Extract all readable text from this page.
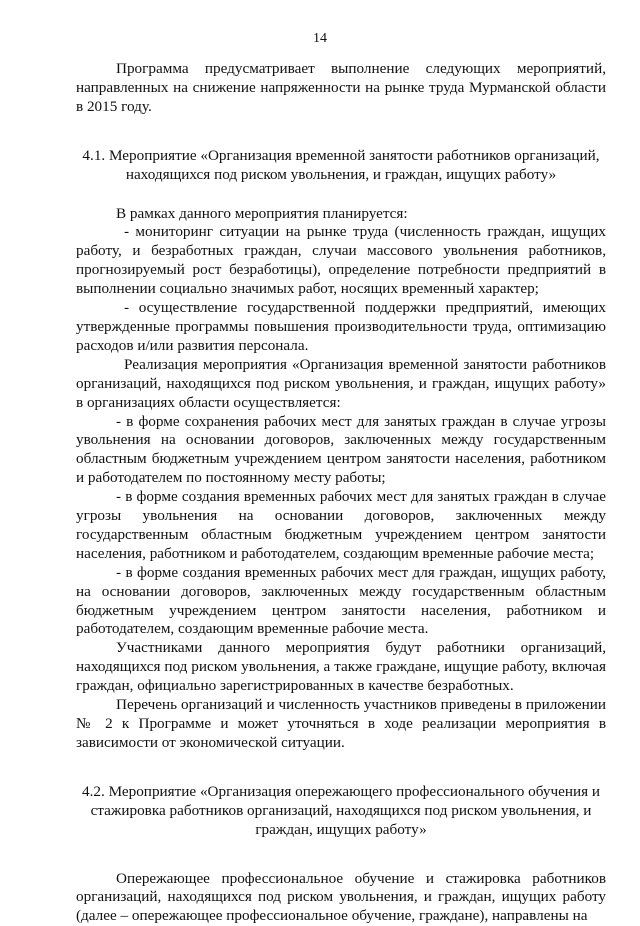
14

Программа предусматривает выполнение следующих мероприятий, направленных на снижение напряженности на рынке труда Мурманской области в 2015 году.

4.1. Мероприятие «Организация временной занятости работников организаций, находящихся под риском увольнения, и граждан, ищущих работу»

В рамках данного мероприятия планируется:

- мониторинг ситуации на рынке труда (численность граждан, ищущих работу, и безработных граждан, случаи массового увольнения работников, прогнозируемый рост безработицы), определение потребности предприятий в выполнении социально значимых работ, носящих временный характер;

- осуществление государственной поддержки предприятий, имеющих утвержденные программы повышения производительности труда, оптимизацию расходов и/или развития персонала.

Реализация мероприятия «Организация временной занятости работников организаций, находящихся под риском увольнения, и граждан, ищущих работу» в организациях области осуществляется:

- в форме сохранения рабочих мест для занятых граждан в случае угрозы увольнения на основании договоров, заключенных между государственным областным бюджетным учреждением центром занятости населения, работником и работодателем по постоянному месту работы;

- в форме создания временных рабочих мест для занятых граждан в случае угрозы увольнения на основании договоров, заключенных между государственным областным бюджетным учреждением центром занятости населения, работником и работодателем, создающим временные рабочие места;

- в форме создания временных рабочих мест для граждан, ищущих работу, на основании договоров, заключенных между государственным областным бюджетным учреждением центром занятости населения, работником и работодателем, создающим временные рабочие места.

Участниками данного мероприятия будут работники организаций, находящихся под риском увольнения, а также граждане, ищущие работу, включая граждан, официально зарегистрированных в качестве безработных.

Перечень организаций и численность участников приведены в приложении № 2 к Программе и может уточняться в ходе реализации мероприятия в зависимости от экономической ситуации.

4.2. Мероприятие «Организация опережающего профессионального обучения и стажировка работников организаций, находящихся под риском увольнения, и граждан, ищущих работу»

Опережающее профессиональное обучение и стажировка работников организаций, находящихся под риском увольнения, и граждан, ищущих работу (далее – опережающее профессиональное обучение, граждане), направлены на
